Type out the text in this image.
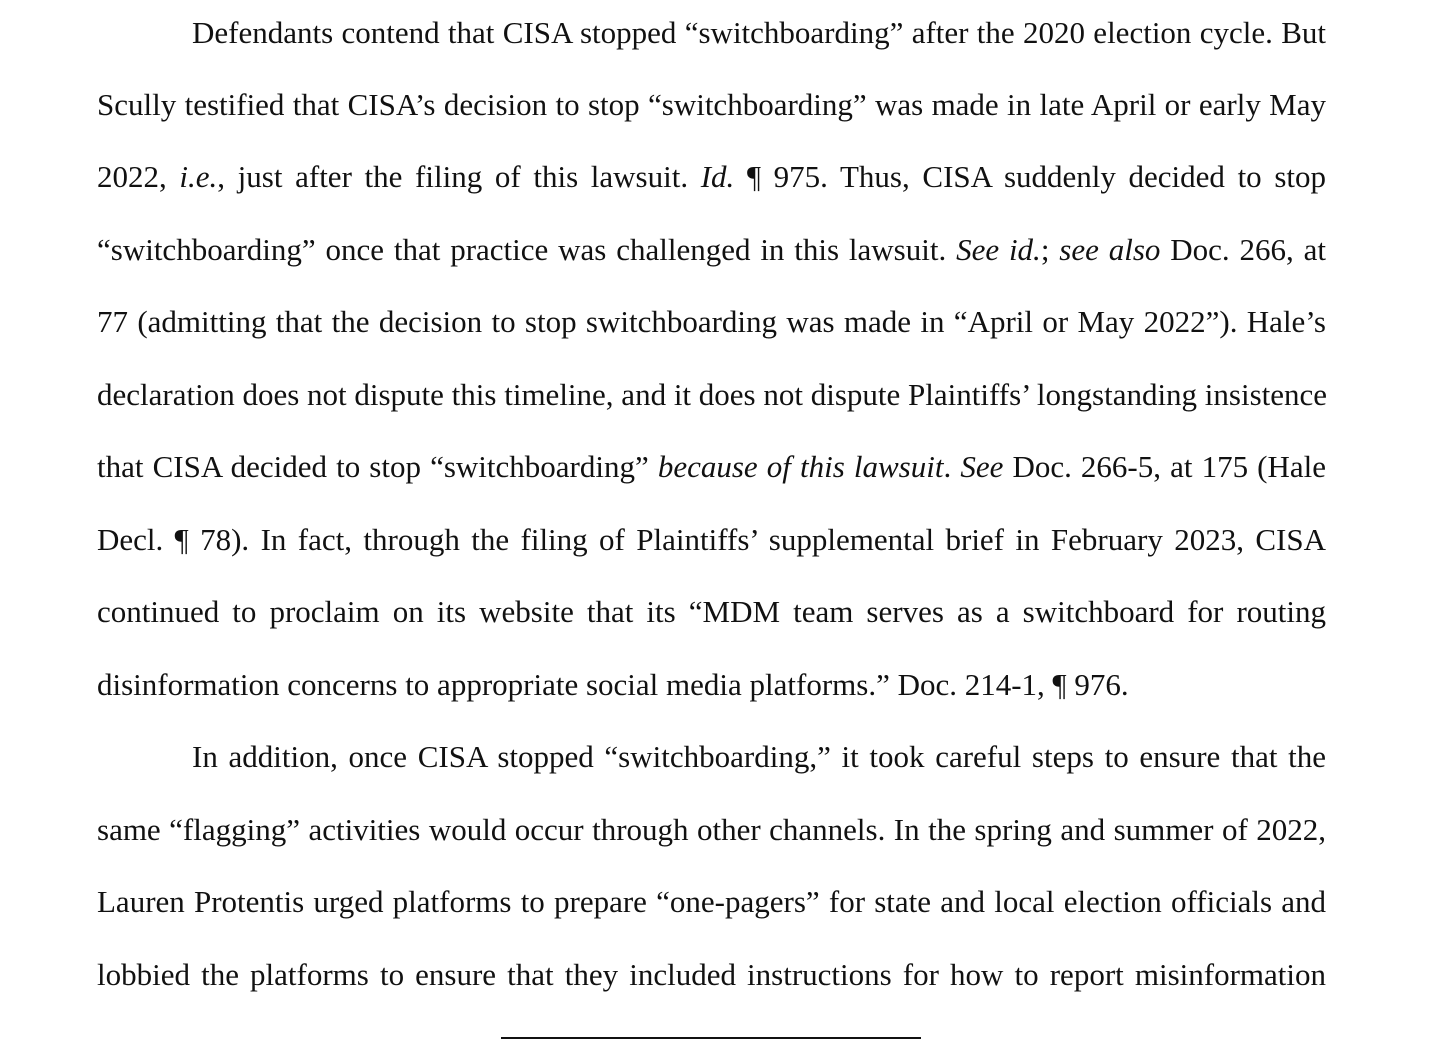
Defendants contend that CISA stopped “switchboarding” after the 2020 election cycle. But
Scully testified that CISA’s decision to stop “switchboarding” was made in late April or early May
2022, i.e., just after the filing of this lawsuit. Id. ¶ 975. Thus, CISA suddenly decided to stop
“switchboarding” once that practice was challenged in this lawsuit. See id.; see also Doc. 266, at
77 (admitting that the decision to stop switchboarding was made in “April or May 2022”). Hale’s
declaration does not dispute this timeline, and it does not dispute Plaintiffs’ longstanding insistence
that CISA decided to stop “switchboarding” because of this lawsuit. See Doc. 266-5, at 175 (Hale
Decl. ¶ 78). In fact, through the filing of Plaintiffs’ supplemental brief in February 2023, CISA
continued to proclaim on its website that its “MDM team serves as a switchboard for routing
disinformation concerns to appropriate social media platforms.” Doc. 214-1, ¶ 976.
In addition, once CISA stopped “switchboarding,” it took careful steps to ensure that the
same “flagging” activities would occur through other channels. In the spring and summer of 2022,
Lauren Protentis urged platforms to prepare “one-pagers” for state and local election officials and
lobbied the platforms to ensure that they included instructions for how to report misinformation
